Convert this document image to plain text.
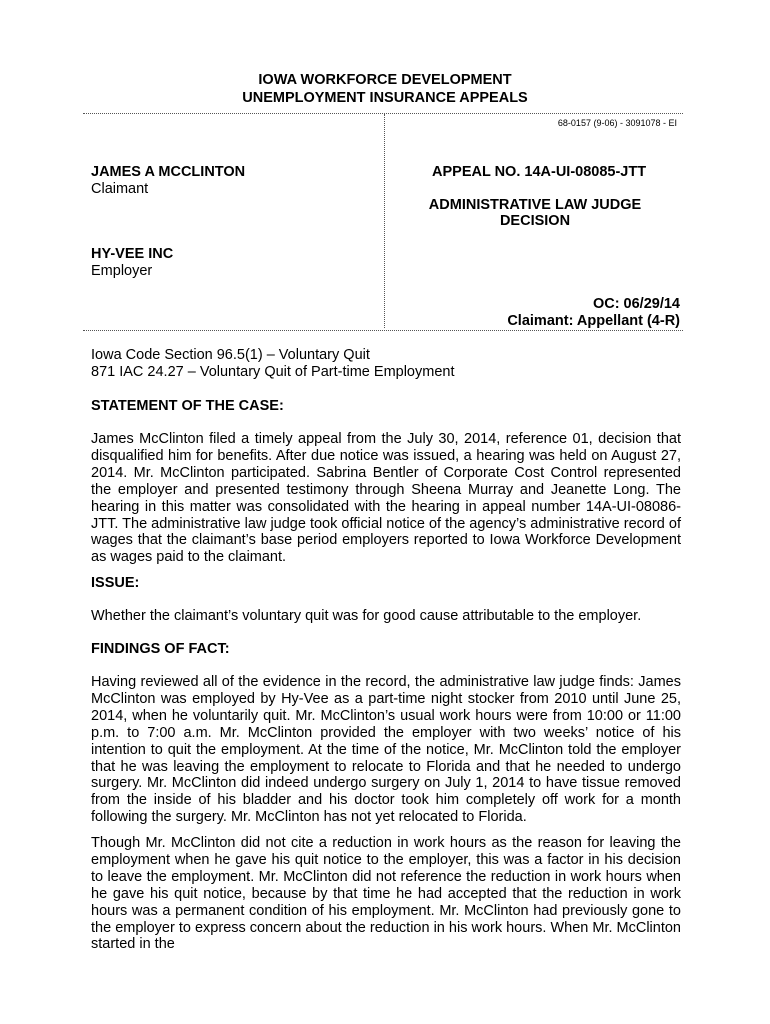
IOWA WORKFORCE DEVELOPMENT
UNEMPLOYMENT INSURANCE APPEALS
68-0157 (9-06) - 3091078 - EI
JAMES A MCCLINTON
Claimant
HY-VEE INC
Employer
APPEAL NO. 14A-UI-08085-JTT
ADMINISTRATIVE LAW JUDGE
DECISION
OC: 06/29/14
Claimant: Appellant (4-R)
Iowa Code Section 96.5(1) – Voluntary Quit
871 IAC 24.27 – Voluntary Quit of Part-time Employment
STATEMENT OF THE CASE:
James McClinton filed a timely appeal from the July 30, 2014, reference 01, decision that disqualified him for benefits. After due notice was issued, a hearing was held on August 27, 2014. Mr. McClinton participated. Sabrina Bentler of Corporate Cost Control represented the employer and presented testimony through Sheena Murray and Jeanette Long. The hearing in this matter was consolidated with the hearing in appeal number 14A-UI-08086-JTT. The administrative law judge took official notice of the agency’s administrative record of wages that the claimant’s base period employers reported to Iowa Workforce Development as wages paid to the claimant.
ISSUE:
Whether the claimant’s voluntary quit was for good cause attributable to the employer.
FINDINGS OF FACT:
Having reviewed all of the evidence in the record, the administrative law judge finds: James McClinton was employed by Hy-Vee as a part-time night stocker from 2010 until June 25, 2014, when he voluntarily quit. Mr. McClinton’s usual work hours were from 10:00 or 11:00 p.m. to 7:00 a.m. Mr. McClinton provided the employer with two weeks’ notice of his intention to quit the employment. At the time of the notice, Mr. McClinton told the employer that he was leaving the employment to relocate to Florida and that he needed to undergo surgery. Mr. McClinton did indeed undergo surgery on July 1, 2014 to have tissue removed from the inside of his bladder and his doctor took him completely off work for a month following the surgery. Mr. McClinton has not yet relocated to Florida.
Though Mr. McClinton did not cite a reduction in work hours as the reason for leaving the employment when he gave his quit notice to the employer, this was a factor in his decision to leave the employment. Mr. McClinton did not reference the reduction in work hours when he gave his quit notice, because by that time he had accepted that the reduction in work hours was a permanent condition of his employment. Mr. McClinton had previously gone to the employer to express concern about the reduction in his work hours. When Mr. McClinton started in the
